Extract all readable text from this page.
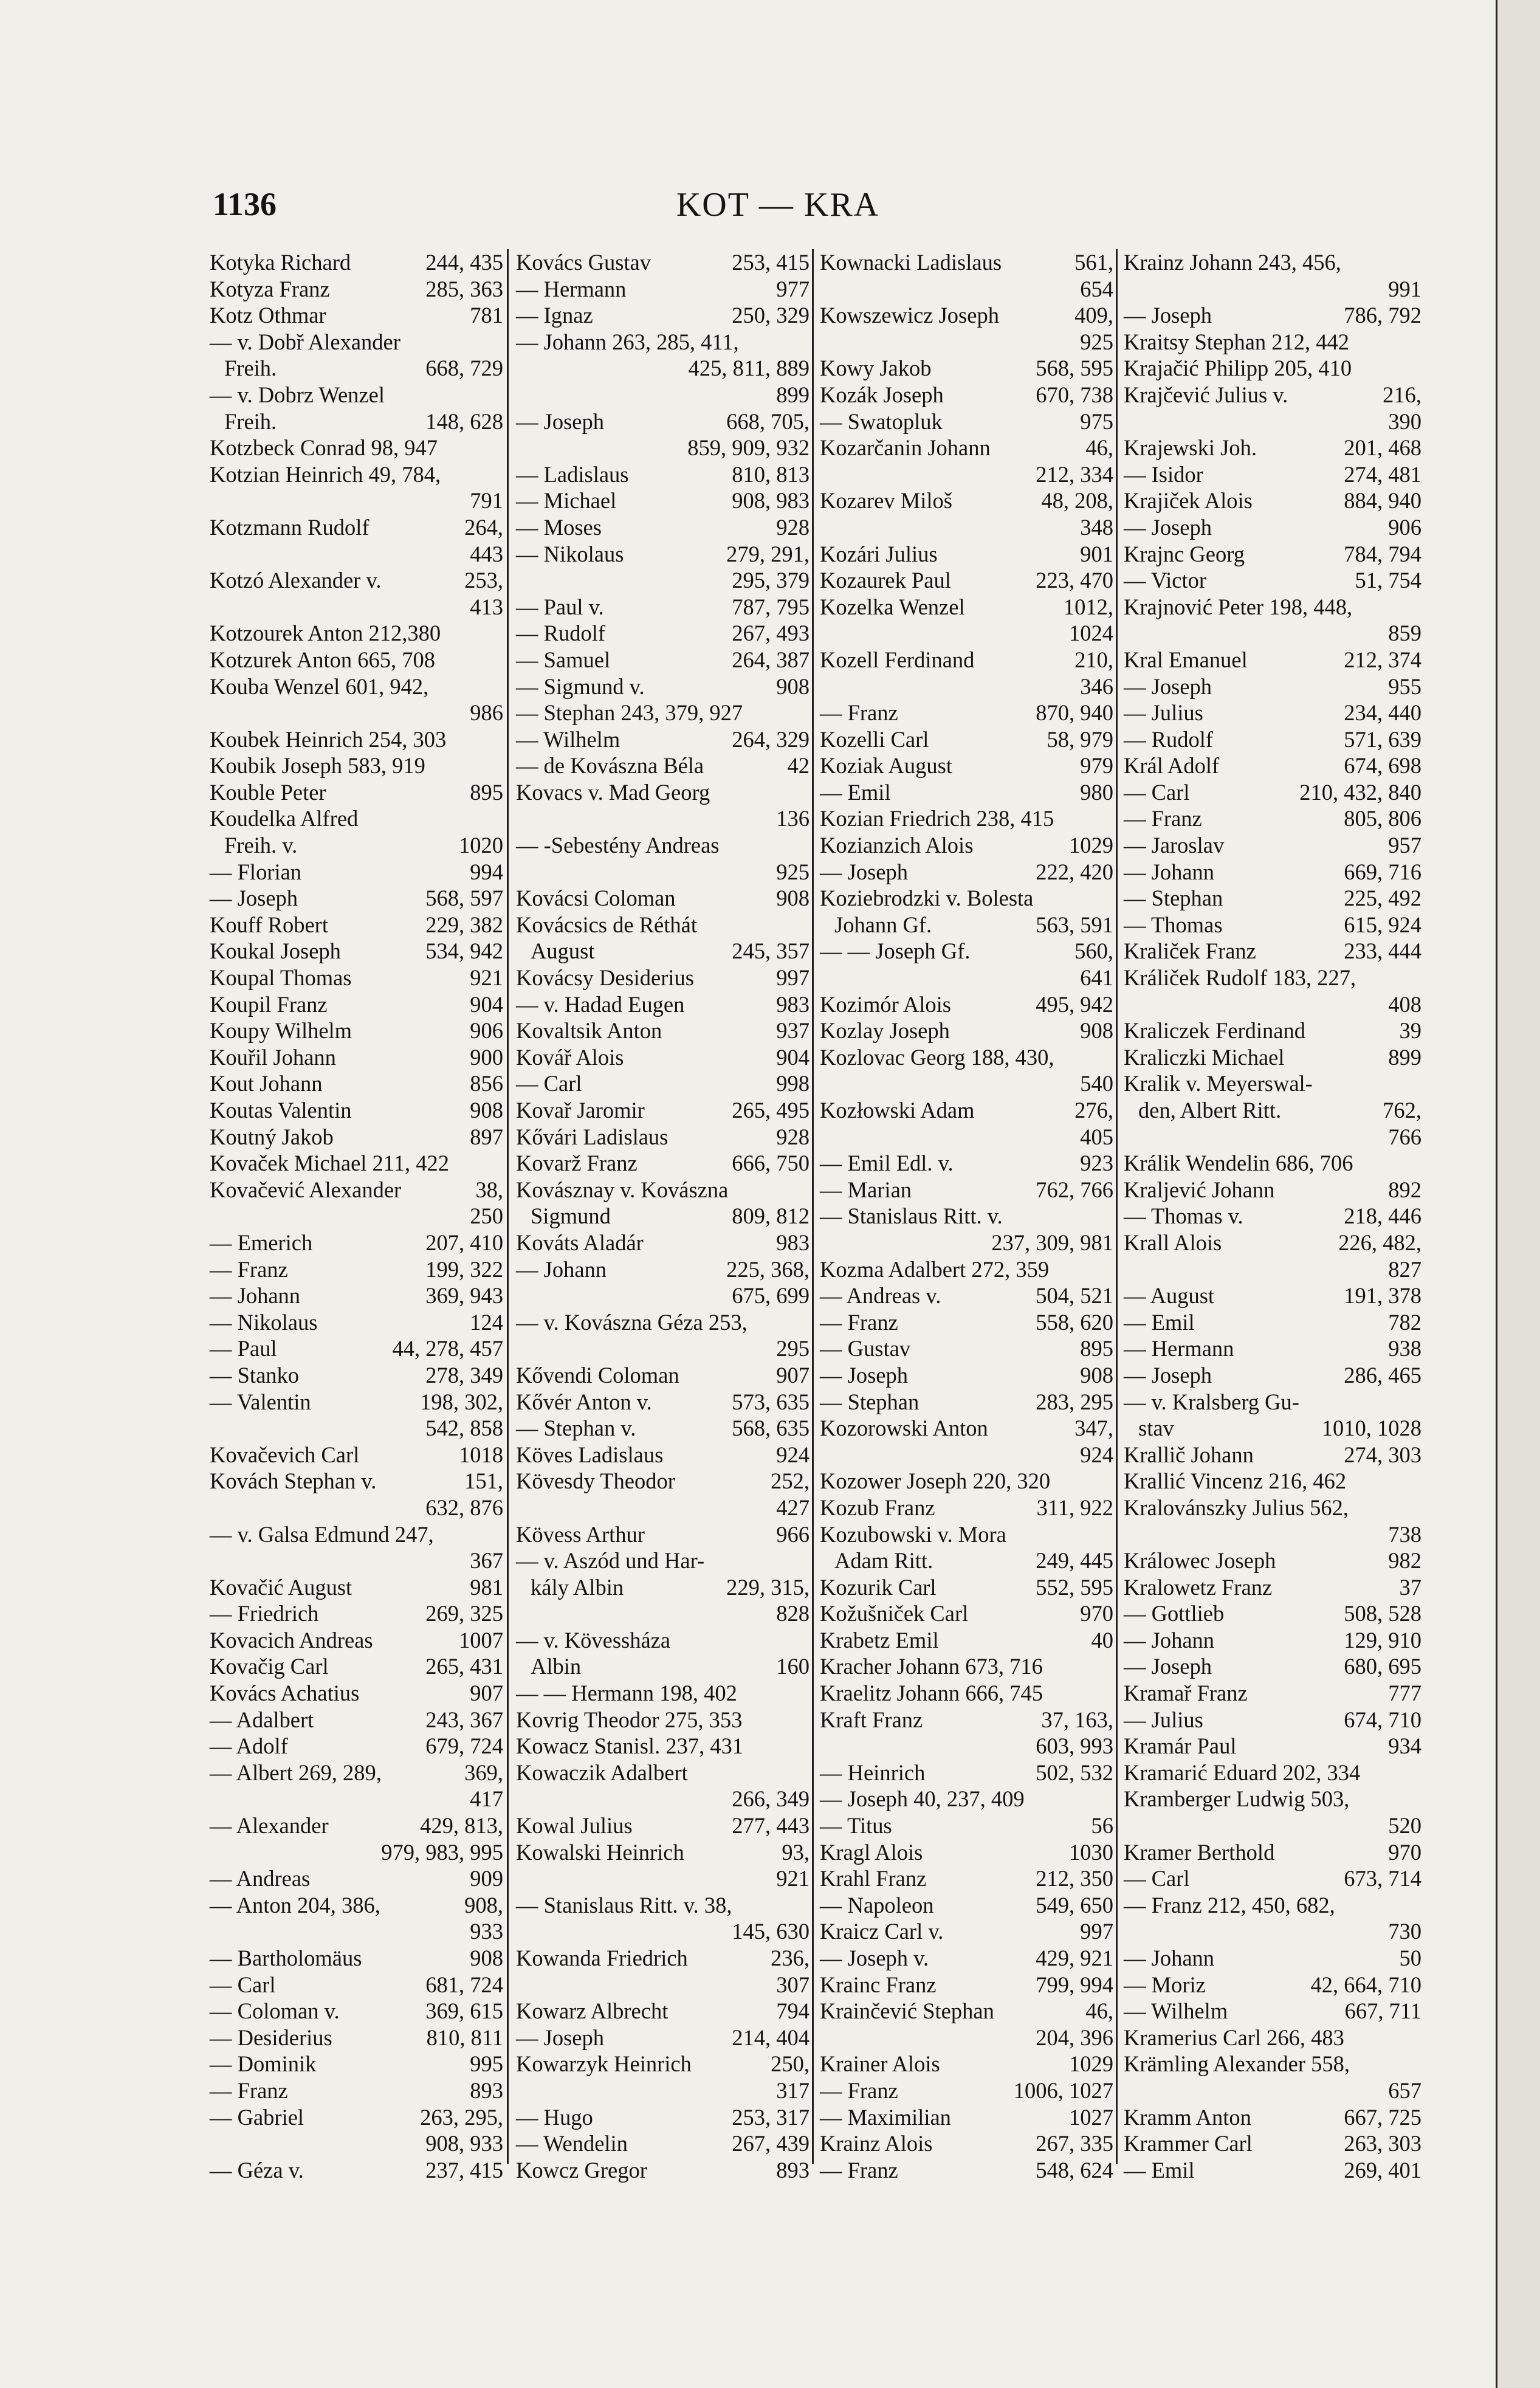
1136	KOT — KRA
Kotyka Richard	244, 435
Kotyza Franz	285, 363
Kotz Othmar	781
— v. Dobř Alexander
Freih.	668, 729
— v. Dobrz Wenzel
Freih.	148, 628
Kotzbeck Conrad 98, 947
Kotzian Heinrich 49, 784,
791
Kotzmann Rudolf	264,
443
Kotzó Alexander v.	253,
413
Kotzourek Anton 212,380
Kotzurek Anton 665, 708
Kouba Wenzel 601, 942,
986
Koubek Heinrich 254, 303
Koubik Joseph 583, 919
Kouble Peter	895
Koudelka Alfred
Freih. v.	1020
— Florian	994
— Joseph	568, 597
Kouff Robert	229, 382
Koukal Joseph	534, 942
Koupal Thomas	921
Koupil Franz	904
Koupy Wilhelm	906
Kouřil Johann	900
Kout Johann	856
Koutas Valentin	908
Koutný Jakob	897
Kovaček Michael 211, 422
Kovačević Alexander	38,
250
— Emerich	207, 410
— Franz	199, 322
— Johann	369, 943
— Nikolaus	124
— Paul	44, 278, 457
— Stanko	278, 349
— Valentin	198, 302,
542, 858
Kovačevich Carl	1018
Kovách Stephan v.	151,
632, 876
— v. Galsa Edmund 247,
367
Kovačić August	981
— Friedrich	269, 325
Kovacich Andreas	1007
Kovačig Carl	265, 431
Kovács Achatius	907
— Adalbert	243, 367
— Adolf	679, 724
— Albert 269, 289,	369,
417
— Alexander	429, 813,
979, 983, 995
— Andreas	909
— Anton 204, 386,	908,
933
— Bartholomäus	908
— Carl	681, 724
— Coloman v.	369, 615
— Desiderius	810, 811
— Dominik	995
— Franz	893
— Gabriel	263, 295,
908, 933
— Géza v.	237, 415
Kovács Gustav	253, 415
— Hermann	977
— Ignaz	250, 329
— Johann 263, 285, 411,
425, 811, 889
899
— Joseph	668, 705,
859, 909, 932
— Ladislaus	810, 813
— Michael	908, 983
— Moses	928
— Nikolaus	279, 291,
295, 379
— Paul v.	787, 795
— Rudolf	267, 493
— Samuel	264, 387
— Sigmund v.	908
— Stephan 243, 379, 927
— Wilhelm	264, 329
— de Kovászna Béla	42
Kovacs v. Mad Georg
136
— -Sebestény Andreas
925
Kovácsi Coloman	908
Kovácsics de Réthát
August	245, 357
Kovácsy Desiderius	997
— v. Hadad Eugen	983
Kovaltsik Anton	937
Kovář Alois	904
— Carl	998
Kovař Jaromir	265, 495
Kővári Ladislaus	928
Kovarž Franz	666, 750
Kovásznay v. Kovászna
Sigmund	809, 812
Kováts Aladár	983
— Johann	225, 368,
675, 699
— v. Kovászna Géza 253,
295
Kővendi Coloman	907
Kővér Anton v.	573, 635
— Stephan v.	568, 635
Köves Ladislaus	924
Kövesdy Theodor	252,
427
Kövess Arthur	966
— v. Aszód und Har-
kály Albin	229, 315,
828
— v. Kövessháza
Albin	160
— — Hermann 198, 402
Kovrig Theodor 275, 353
Kowacz Stanisl. 237, 431
Kowaczik Adalbert
266, 349
Kowal Julius	277, 443
Kowalski Heinrich	93,
921
— Stanislaus Ritt. v. 38,
145, 630
Kowanda Friedrich	236,
307
Kowarz Albrecht	794
— Joseph	214, 404
Kowarzyk Heinrich	250,
317
— Hugo	253, 317
— Wendelin	267, 439
Kowcz Gregor	893
Kownacki Ladislaus	561,
654
Kowszewicz Joseph	409,
925
Kowy Jakob	568, 595
Kozák Joseph	670, 738
— Swatopluk	975
Kozarčanin Johann	46,
212, 334
Kozarev Miloš	48, 208,
348
Kozári Julius	901
Kozaurek Paul	223, 470
Kozelka Wenzel	1012,
1024
Kozell Ferdinand	210,
346
— Franz	870, 940
Kozelli Carl	58, 979
Koziak August	979
— Emil	980
Kozian Friedrich 238, 415
Kozianzich Alois	1029
— Joseph	222, 420
Koziebrodzki v. Bolesta
Johann Gf.	563, 591
— — Joseph Gf.	560,
641
Kozimór Alois	495, 942
Kozlay Joseph	908
Kozlovac Georg 188, 430,
540
Kozłowski Adam	276,
405
— Emil Edl. v.	923
— Marian	762, 766
— Stanislaus Ritt. v.
237, 309, 981
Kozma Adalbert 272, 359
— Andreas v.	504, 521
— Franz	558, 620
— Gustav	895
— Joseph	908
— Stephan	283, 295
Kozorowski Anton	347,
924
Kozower Joseph 220, 320
Kozub Franz	311, 922
Kozubowski v. Mora
Adam Ritt.	249, 445
Kozurik Carl	552, 595
Kožušniček Carl	970
Krabetz Emil	40
Kracher Johann 673, 716
Kraelitz Johann 666, 745
Kraft Franz	37, 163,
603, 993
— Heinrich	502, 532
— Joseph 40, 237, 409
— Titus	56
Kragl Alois	1030
Krahl Franz	212, 350
— Napoleon	549, 650
Kraicz Carl v.	997
— Joseph v.	429, 921
Krainc Franz	799, 994
Krainčević Stephan	46,
204, 396
Krainer Alois	1029
— Franz	1006, 1027
— Maximilian	1027
Krainz Alois	267, 335
— Franz	548, 624
Krainz Johann 243, 456,
991
— Joseph	786, 792
Kraitsy Stephan 212, 442
Krajačić Philipp 205, 410
Krajčević Julius v.	216,
390
Krajewski Joh.	201, 468
— Isidor	274, 481
Krajiček Alois	884, 940
— Joseph	906
Krajnc Georg	784, 794
— Victor	51, 754
Krajnović Peter 198, 448,
859
Kral Emanuel	212, 374
— Joseph	955
— Julius	234, 440
— Rudolf	571, 639
Král Adolf	674, 698
— Carl	210, 432, 840
— Franz	805, 806
— Jaroslav	957
— Johann	669, 716
— Stephan	225, 492
— Thomas	615, 924
Kraliček Franz	233, 444
Králiček Rudolf 183, 227,
408
Kraliczek Ferdinand	39
Kraliczki Michael	899
Kralik v. Meyerswal-
den, Albert Ritt.	762,
766
Králik Wendelin 686, 706
Kraljević Johann	892
— Thomas v.	218, 446
Krall Alois	226, 482,
827
— August	191, 378
— Emil	782
— Hermann	938
— Joseph	286, 465
— v. Kralsberg Gu-
stav	1010, 1028
Krallič Johann	274, 303
Krallić Vincenz 216, 462
Kralovánszky Julius 562,
738
Králowec Joseph	982
Kralowetz Franz	37
— Gottlieb	508, 528
— Johann	129, 910
— Joseph	680, 695
Kramař Franz	777
— Julius	674, 710
Kramár Paul	934
Kramarić Eduard 202, 334
Kramberger Ludwig 503,
520
Kramer Berthold	970
— Carl	673, 714
— Franz 212, 450, 682,
730
— Johann	50
— Moriz	42, 664, 710
— Wilhelm	667, 711
Kramerius Carl 266, 483
Krämling Alexander 558,
657
Kramm Anton	667, 725
Krammer Carl	263, 303
— Emil	269, 401
